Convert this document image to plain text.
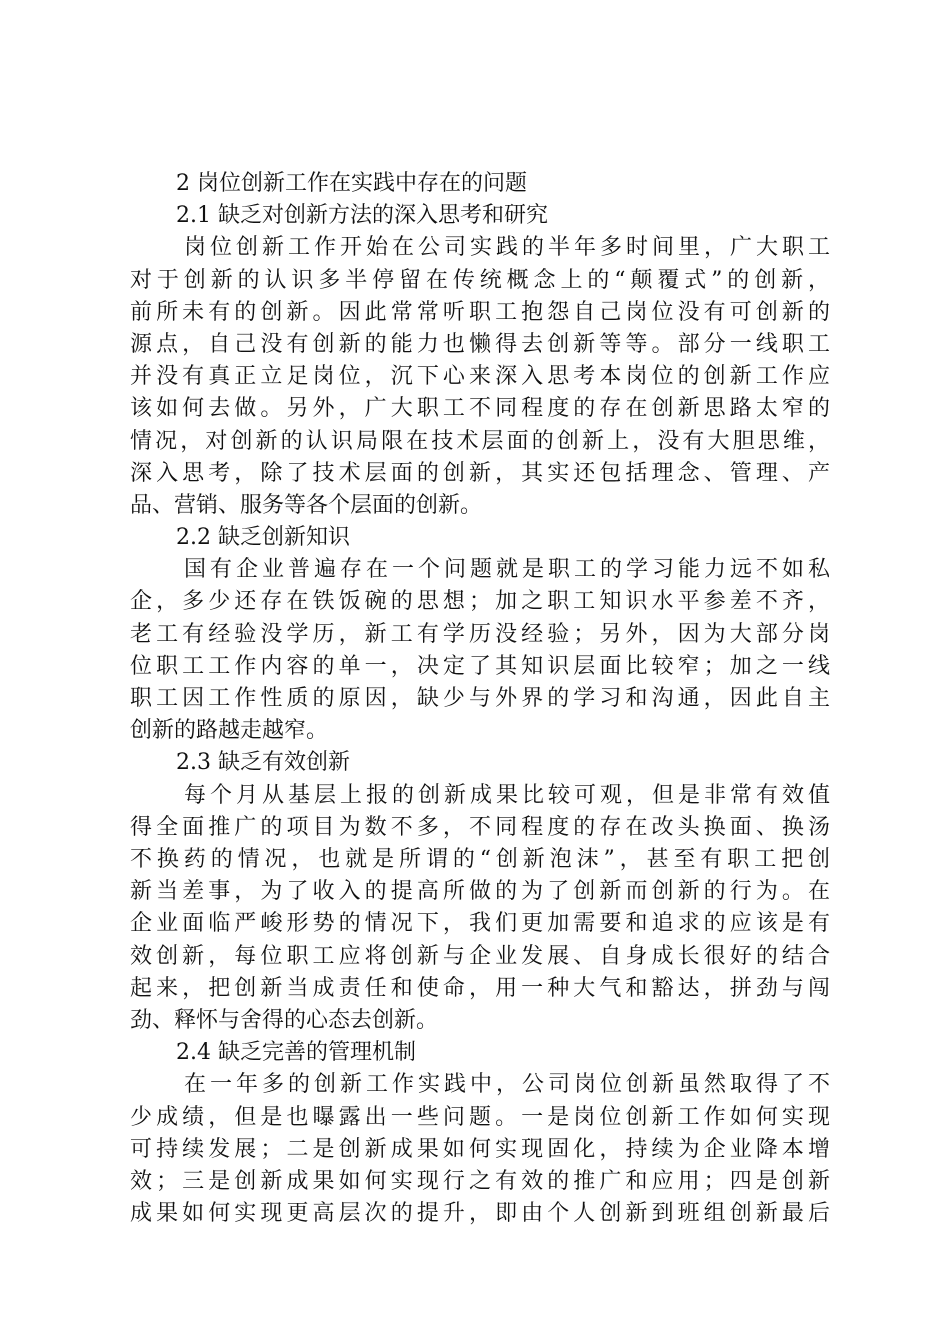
2 岗位创新工作在实践中存在的问题
2.1 缺乏对创新方法的深入思考和研究
岗位创新工作开始在公司实践的半年多时间里，广大职工
对于创新的认识多半停留在传统概念上的“颠覆式”的创新，
前所未有的创新。因此常常听职工抱怨自己岗位没有可创新的
源点，自己没有创新的能力也懒得去创新等等。部分一线职工
并没有真正立足岗位，沉下心来深入思考本岗位的创新工作应
该如何去做。另外，广大职工不同程度的存在创新思路太窄的
情况，对创新的认识局限在技术层面的创新上，没有大胆思维，
深入思考，除了技术层面的创新，其实还包括理念、管理、产
品、营销、服务等各个层面的创新。
2.2 缺乏创新知识
国有企业普遍存在一个问题就是职工的学习能力远不如私
企，多少还存在铁饭碗的思想；加之职工知识水平参差不齐，
老工有经验没学历，新工有学历没经验；另外，因为大部分岗
位职工工作内容的单一，决定了其知识层面比较窄；加之一线
职工因工作性质的原因，缺少与外界的学习和沟通，因此自主
创新的路越走越窄。
2.3 缺乏有效创新
每个月从基层上报的创新成果比较可观，但是非常有效值
得全面推广的项目为数不多，不同程度的存在改头换面、换汤
不换药的情况，也就是所谓的“创新泡沫”，甚至有职工把创
新当差事，为了收入的提高所做的为了创新而创新的行为。在
企业面临严峻形势的情况下，我们更加需要和追求的应该是有
效创新，每位职工应将创新与企业发展、自身成长很好的结合
起来，把创新当成责任和使命，用一种大气和豁达，拼劲与闯
劲、释怀与舍得的心态去创新。
2.4 缺乏完善的管理机制
在一年多的创新工作实践中，公司岗位创新虽然取得了不
少成绩，但是也曝露出一些问题。一是岗位创新工作如何实现
可持续发展；二是创新成果如何实现固化，持续为企业降本增
效；三是创新成果如何实现行之有效的推广和应用；四是创新
成果如何实现更高层次的提升，即由个人创新到班组创新最后
